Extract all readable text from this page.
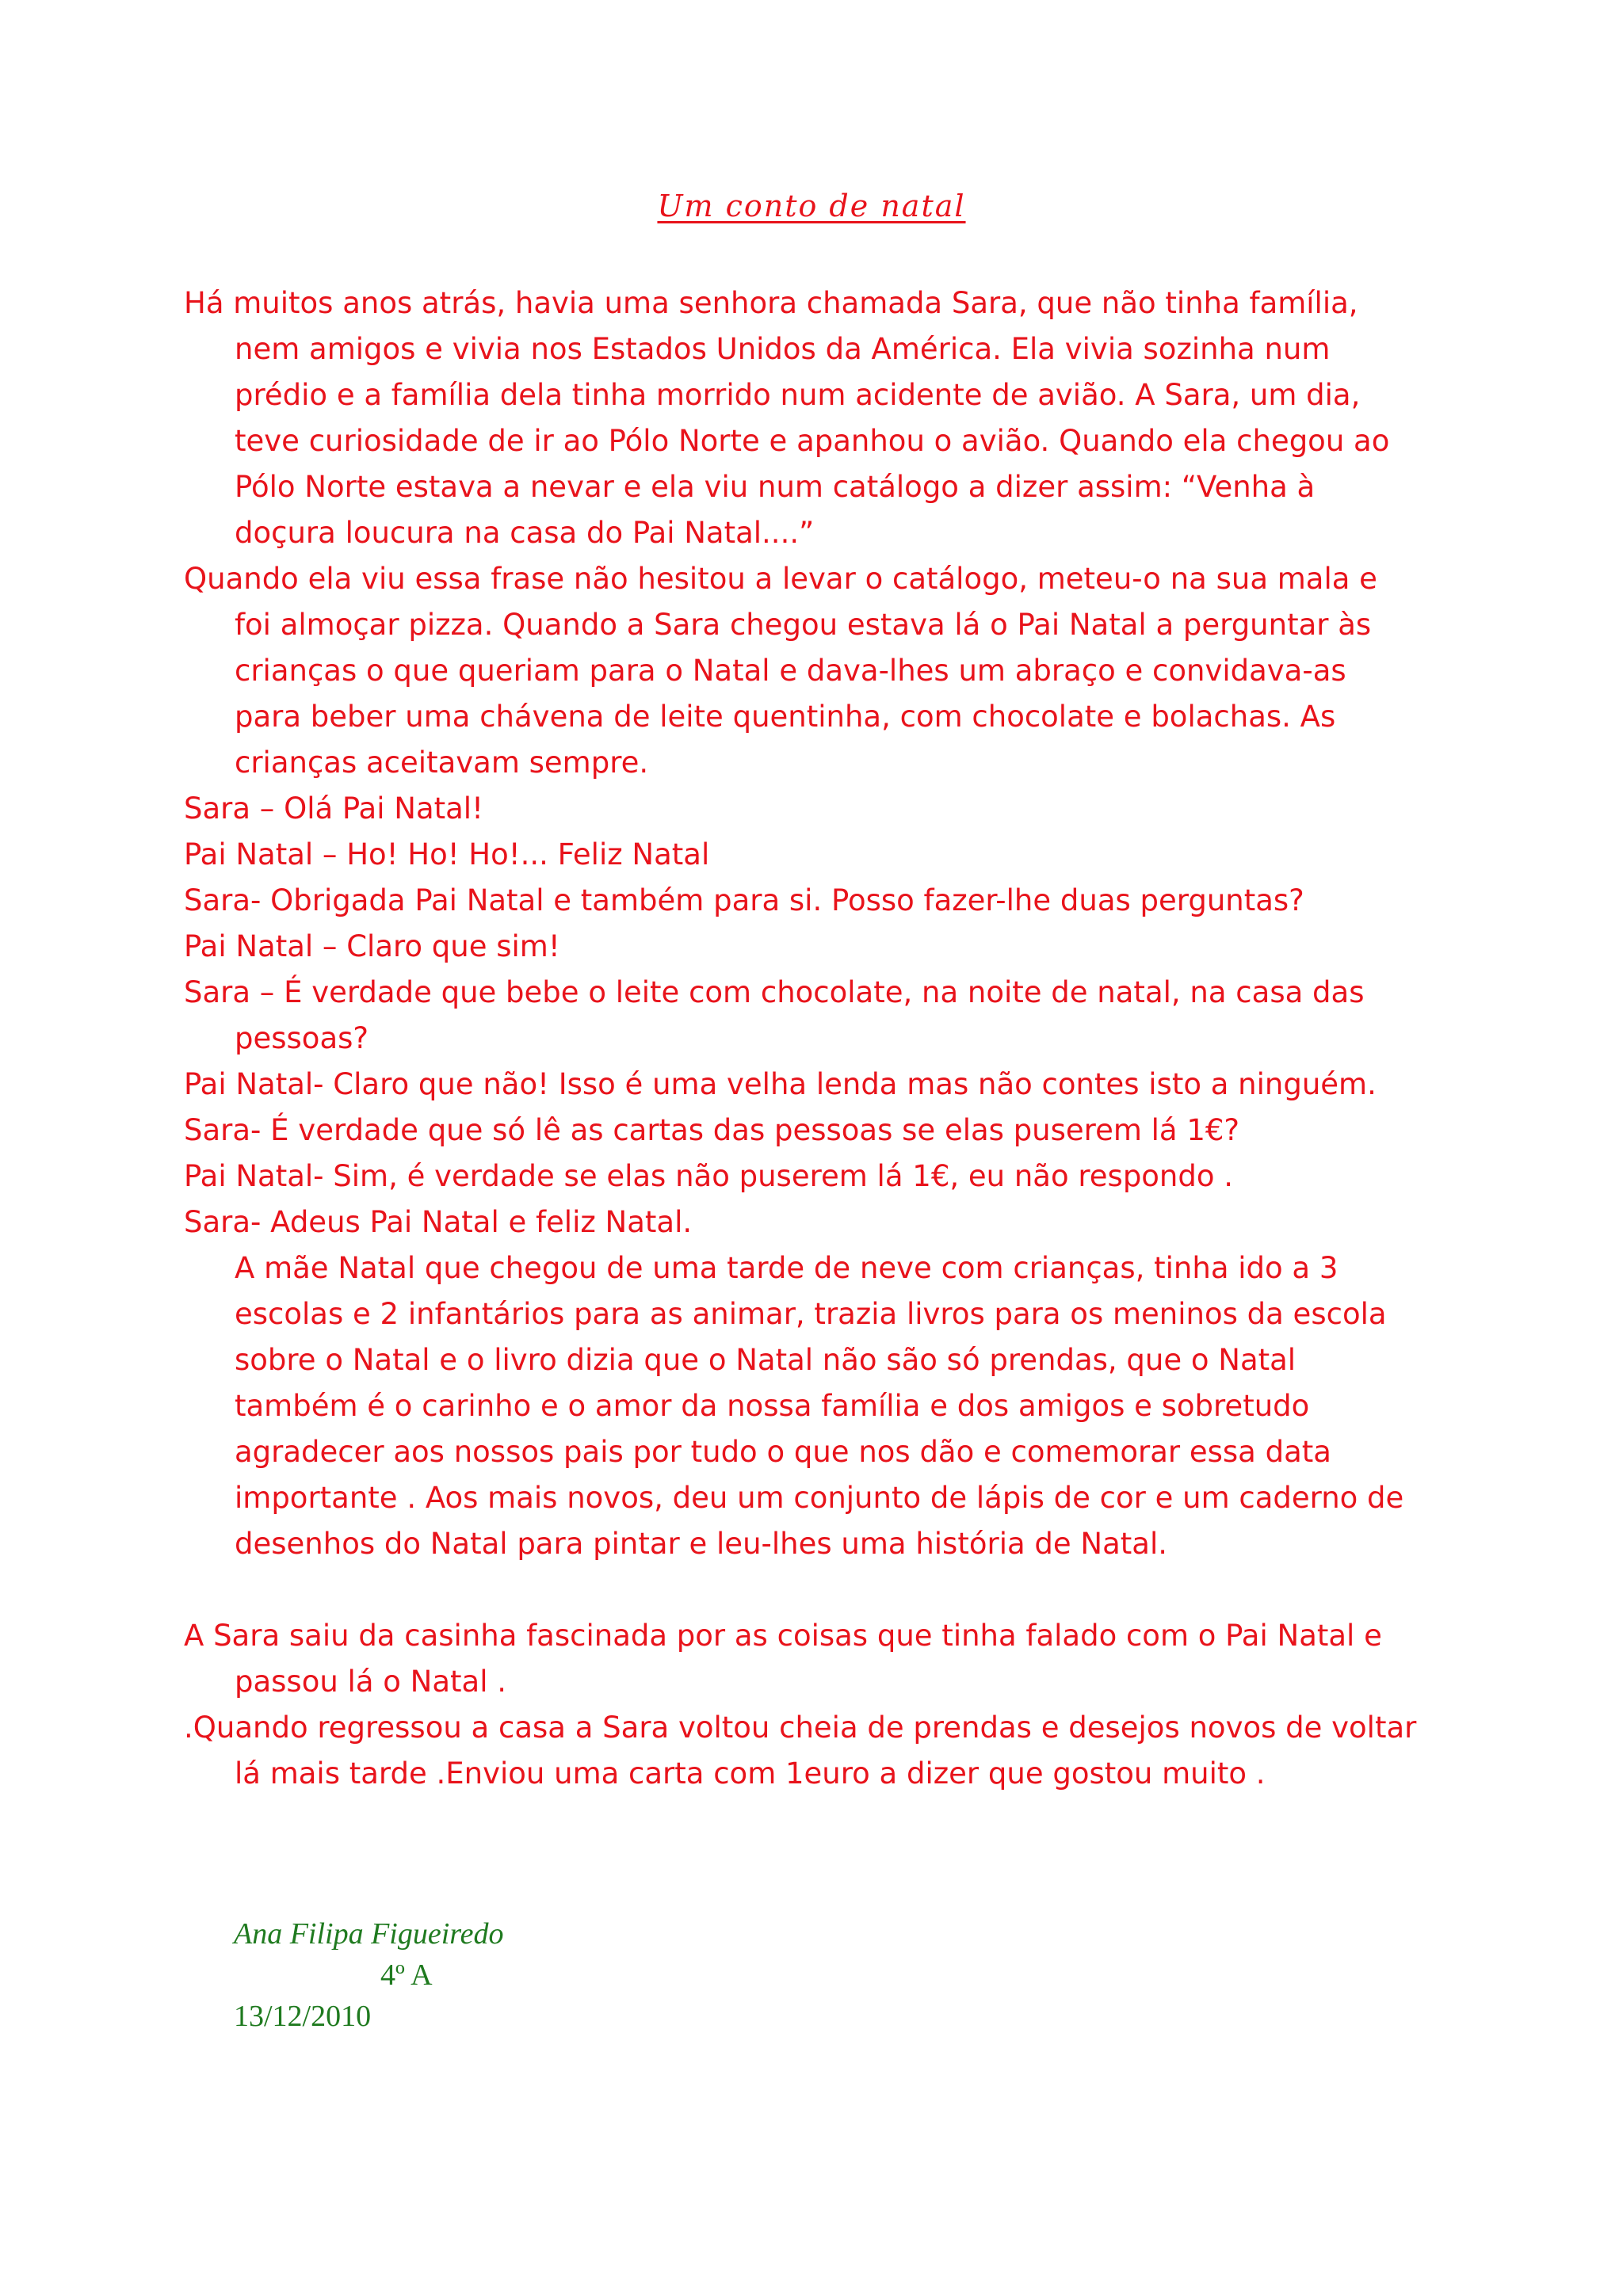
Um conto de natal

Há muitos anos atrás, havia uma senhora chamada Sara, que não tinha família, nem amigos e vivia nos Estados Unidos da América. Ela vivia sozinha num prédio e a família dela tinha morrido num acidente de avião. A Sara, um dia, teve curiosidade de ir ao Pólo Norte e apanhou o avião. Quando ela chegou ao Pólo Norte estava a nevar e ela viu num catálogo a dizer assim: “Venha à doçura loucura na casa do Pai Natal....”

Quando ela viu essa frase não hesitou a levar o catálogo, meteu-o na sua mala e foi almoçar pizza. Quando a Sara chegou estava lá o Pai Natal a perguntar às crianças o que queriam para o Natal e dava-lhes um abraço e convidava-as para beber uma chávena de leite quentinha, com chocolate e bolachas. As crianças aceitavam sempre.

Sara – Olá Pai Natal!

Pai Natal – Ho! Ho! Ho!... Feliz Natal

Sara- Obrigada Pai Natal e também para si. Posso fazer-lhe duas perguntas?

Pai Natal – Claro que sim!

Sara – É verdade que bebe o leite com chocolate, na noite de natal, na casa das pessoas?

Pai Natal- Claro que não! Isso é uma velha lenda mas não contes isto a ninguém.

Sara- É verdade que só lê as cartas das pessoas se elas puserem lá 1€?

Pai Natal- Sim, é verdade se elas não puserem lá 1€, eu não respondo .

Sara- Adeus Pai Natal e feliz Natal.

A mãe Natal que chegou de uma tarde de neve com crianças, tinha ido a 3 escolas e 2 infantários para as animar, trazia livros para os meninos da escola sobre o Natal e o livro dizia que o Natal não são só prendas, que o Natal também é o carinho e o amor da nossa família e dos amigos e sobretudo agradecer aos nossos pais por tudo o que nos dão e comemorar essa data importante . Aos mais novos, deu um conjunto de lápis de cor e um caderno de desenhos do Natal para pintar e leu-lhes uma história de Natal.

A Sara saiu da casinha fascinada por as coisas que tinha falado com o Pai Natal e passou lá o Natal .

.Quando regressou a casa a Sara voltou cheia de prendas e desejos novos de voltar lá mais tarde .Enviou uma carta com 1euro a dizer que gostou muito .

Ana Filipa Figueiredo
4º A
13/12/2010
